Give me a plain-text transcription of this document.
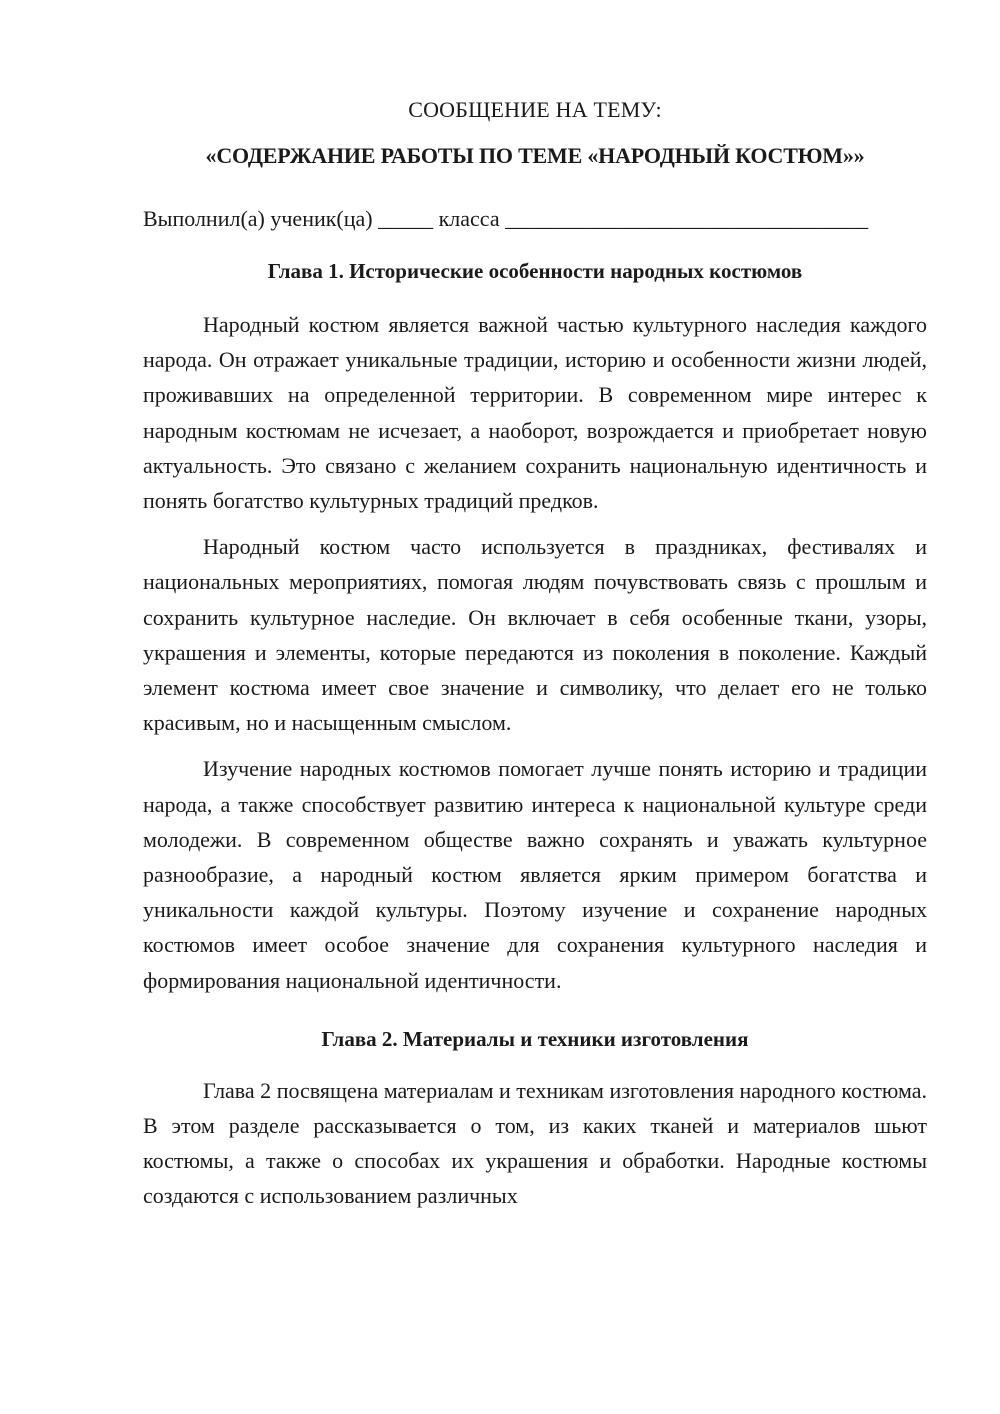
СООБЩЕНИЕ НА ТЕМУ:

«СОДЕРЖАНИЕ РАБОТЫ ПО ТЕМЕ «НАРОДНЫЙ КОСТЮМ»»

Выполнил(а) ученик(ца) _____ класса _________________________________

Глава 1. Исторические особенности народных костюмов

Народный костюм является важной частью культурного наследия каждого народа. Он отражает уникальные традиции, историю и особенности жизни людей, проживавших на определенной территории. В современном мире интерес к народным костюмам не исчезает, а наоборот, возрождается и приобретает новую актуальность. Это связано с желанием сохранить национальную идентичность и понять богатство культурных традиций предков.

Народный костюм часто используется в праздниках, фестивалях и национальных мероприятиях, помогая людям почувствовать связь с прошлым и сохранить культурное наследие. Он включает в себя особенные ткани, узоры, украшения и элементы, которые передаются из поколения в поколение. Каждый элемент костюма имеет свое значение и символику, что делает его не только красивым, но и насыщенным смыслом.

Изучение народных костюмов помогает лучше понять историю и традиции народа, а также способствует развитию интереса к национальной культуре среди молодежи. В современном обществе важно сохранять и уважать культурное разнообразие, а народный костюм является ярким примером богатства и уникальности каждой культуры. Поэтому изучение и сохранение народных костюмов имеет особое значение для сохранения культурного наследия и формирования национальной идентичности.

Глава 2. Материалы и техники изготовления

Глава 2 посвящена материалам и техникам изготовления народного костюма. В этом разделе рассказывается о том, из каких тканей и материалов шьют костюмы, а также о способах их украшения и обработки. Народные костюмы создаются с использованием различных
